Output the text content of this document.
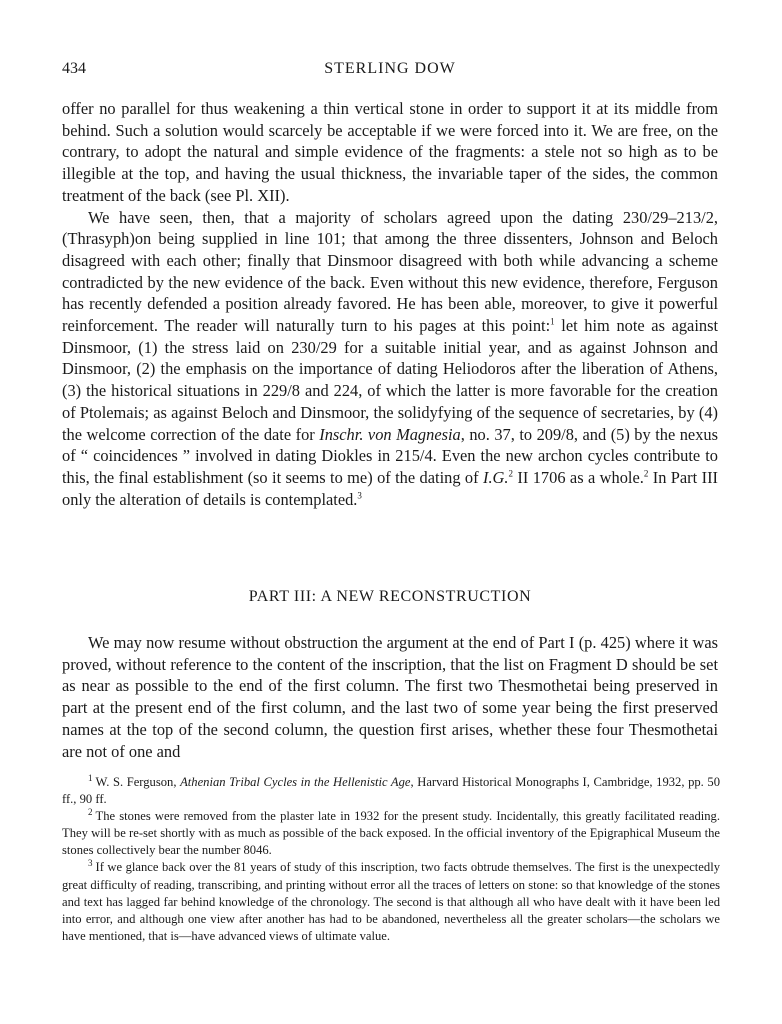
434	STERLING DOW

offer no parallel for thus weakening a thin vertical stone in order to support it at its middle from behind. Such a solution would scarcely be acceptable if we were forced into it. We are free, on the contrary, to adopt the natural and simple evidence of the fragments: a stele not so high as to be illegible at the top, and having the usual thickness, the invariable taper of the sides, the common treatment of the back (see Pl. XII).

We have seen, then, that a majority of scholars agreed upon the dating 230/29–213/2, (Thrasyph)on being supplied in line 101; that among the three dissenters, Johnson and Beloch disagreed with each other; finally that Dinsmoor disagreed with both while advancing a scheme contradicted by the new evidence of the back. Even without this new evidence, therefore, Ferguson has recently defended a position already favored. He has been able, moreover, to give it powerful reinforcement. The reader will naturally turn to his pages at this point:$^1$ let him note as against Dinsmoor, (1) the stress laid on 230/29 for a suitable initial year, and as against Johnson and Dinsmoor, (2) the emphasis on the importance of dating Heliodoros after the liberation of Athens, (3) the historical situations in 229/8 and 224, of which the latter is more favorable for the creation of Ptolemais; as against Beloch and Dinsmoor, the solidyfying of the sequence of secretaries, by (4) the welcome correction of the date for Inschr. von Magnesia, no. 37, to 209/8, and (5) by the nexus of “ coincidences ” involved in dating Diokles in 215/4. Even the new archon cycles contribute to this, the final establishment (so it seems to me) of the dating of I.G.$^2$ II 1706 as a whole.$^2$ In Part III only the alteration of details is contemplated.$^3$

PART III: A NEW RECONSTRUCTION

We may now resume without obstruction the argument at the end of Part I (p. 425) where it was proved, without reference to the content of the inscription, that the list on Fragment D should be set as near as possible to the end of the first column. The first two Thesmothetai being preserved in part at the present end of the first column, and the last two of some year being the first preserved names at the top of the second column, the question first arises, whether these four Thesmothetai are not of one and

$^1$ W. S. Ferguson, Athenian Tribal Cycles in the Hellenistic Age, Harvard Historical Monographs I, Cambridge, 1932, pp. 50 ff., 90 ff.

$^2$ The stones were removed from the plaster late in 1932 for the present study. Incidentally, this greatly facilitated reading. They will be re-set shortly with as much as possible of the back exposed. In the official inventory of the Epigraphical Museum the stones collectively bear the number 8046.

$^3$ If we glance back over the 81 years of study of this inscription, two facts obtrude themselves. The first is the unexpectedly great difficulty of reading, transcribing, and printing without error all the traces of letters on stone: so that knowledge of the stones and text has lagged far behind knowledge of the chronology. The second is that although all who have dealt with it have been led into error, and although one view after another has had to be abandoned, nevertheless all the greater scholars—the scholars we have mentioned, that is—have advanced views of ultimate value.
